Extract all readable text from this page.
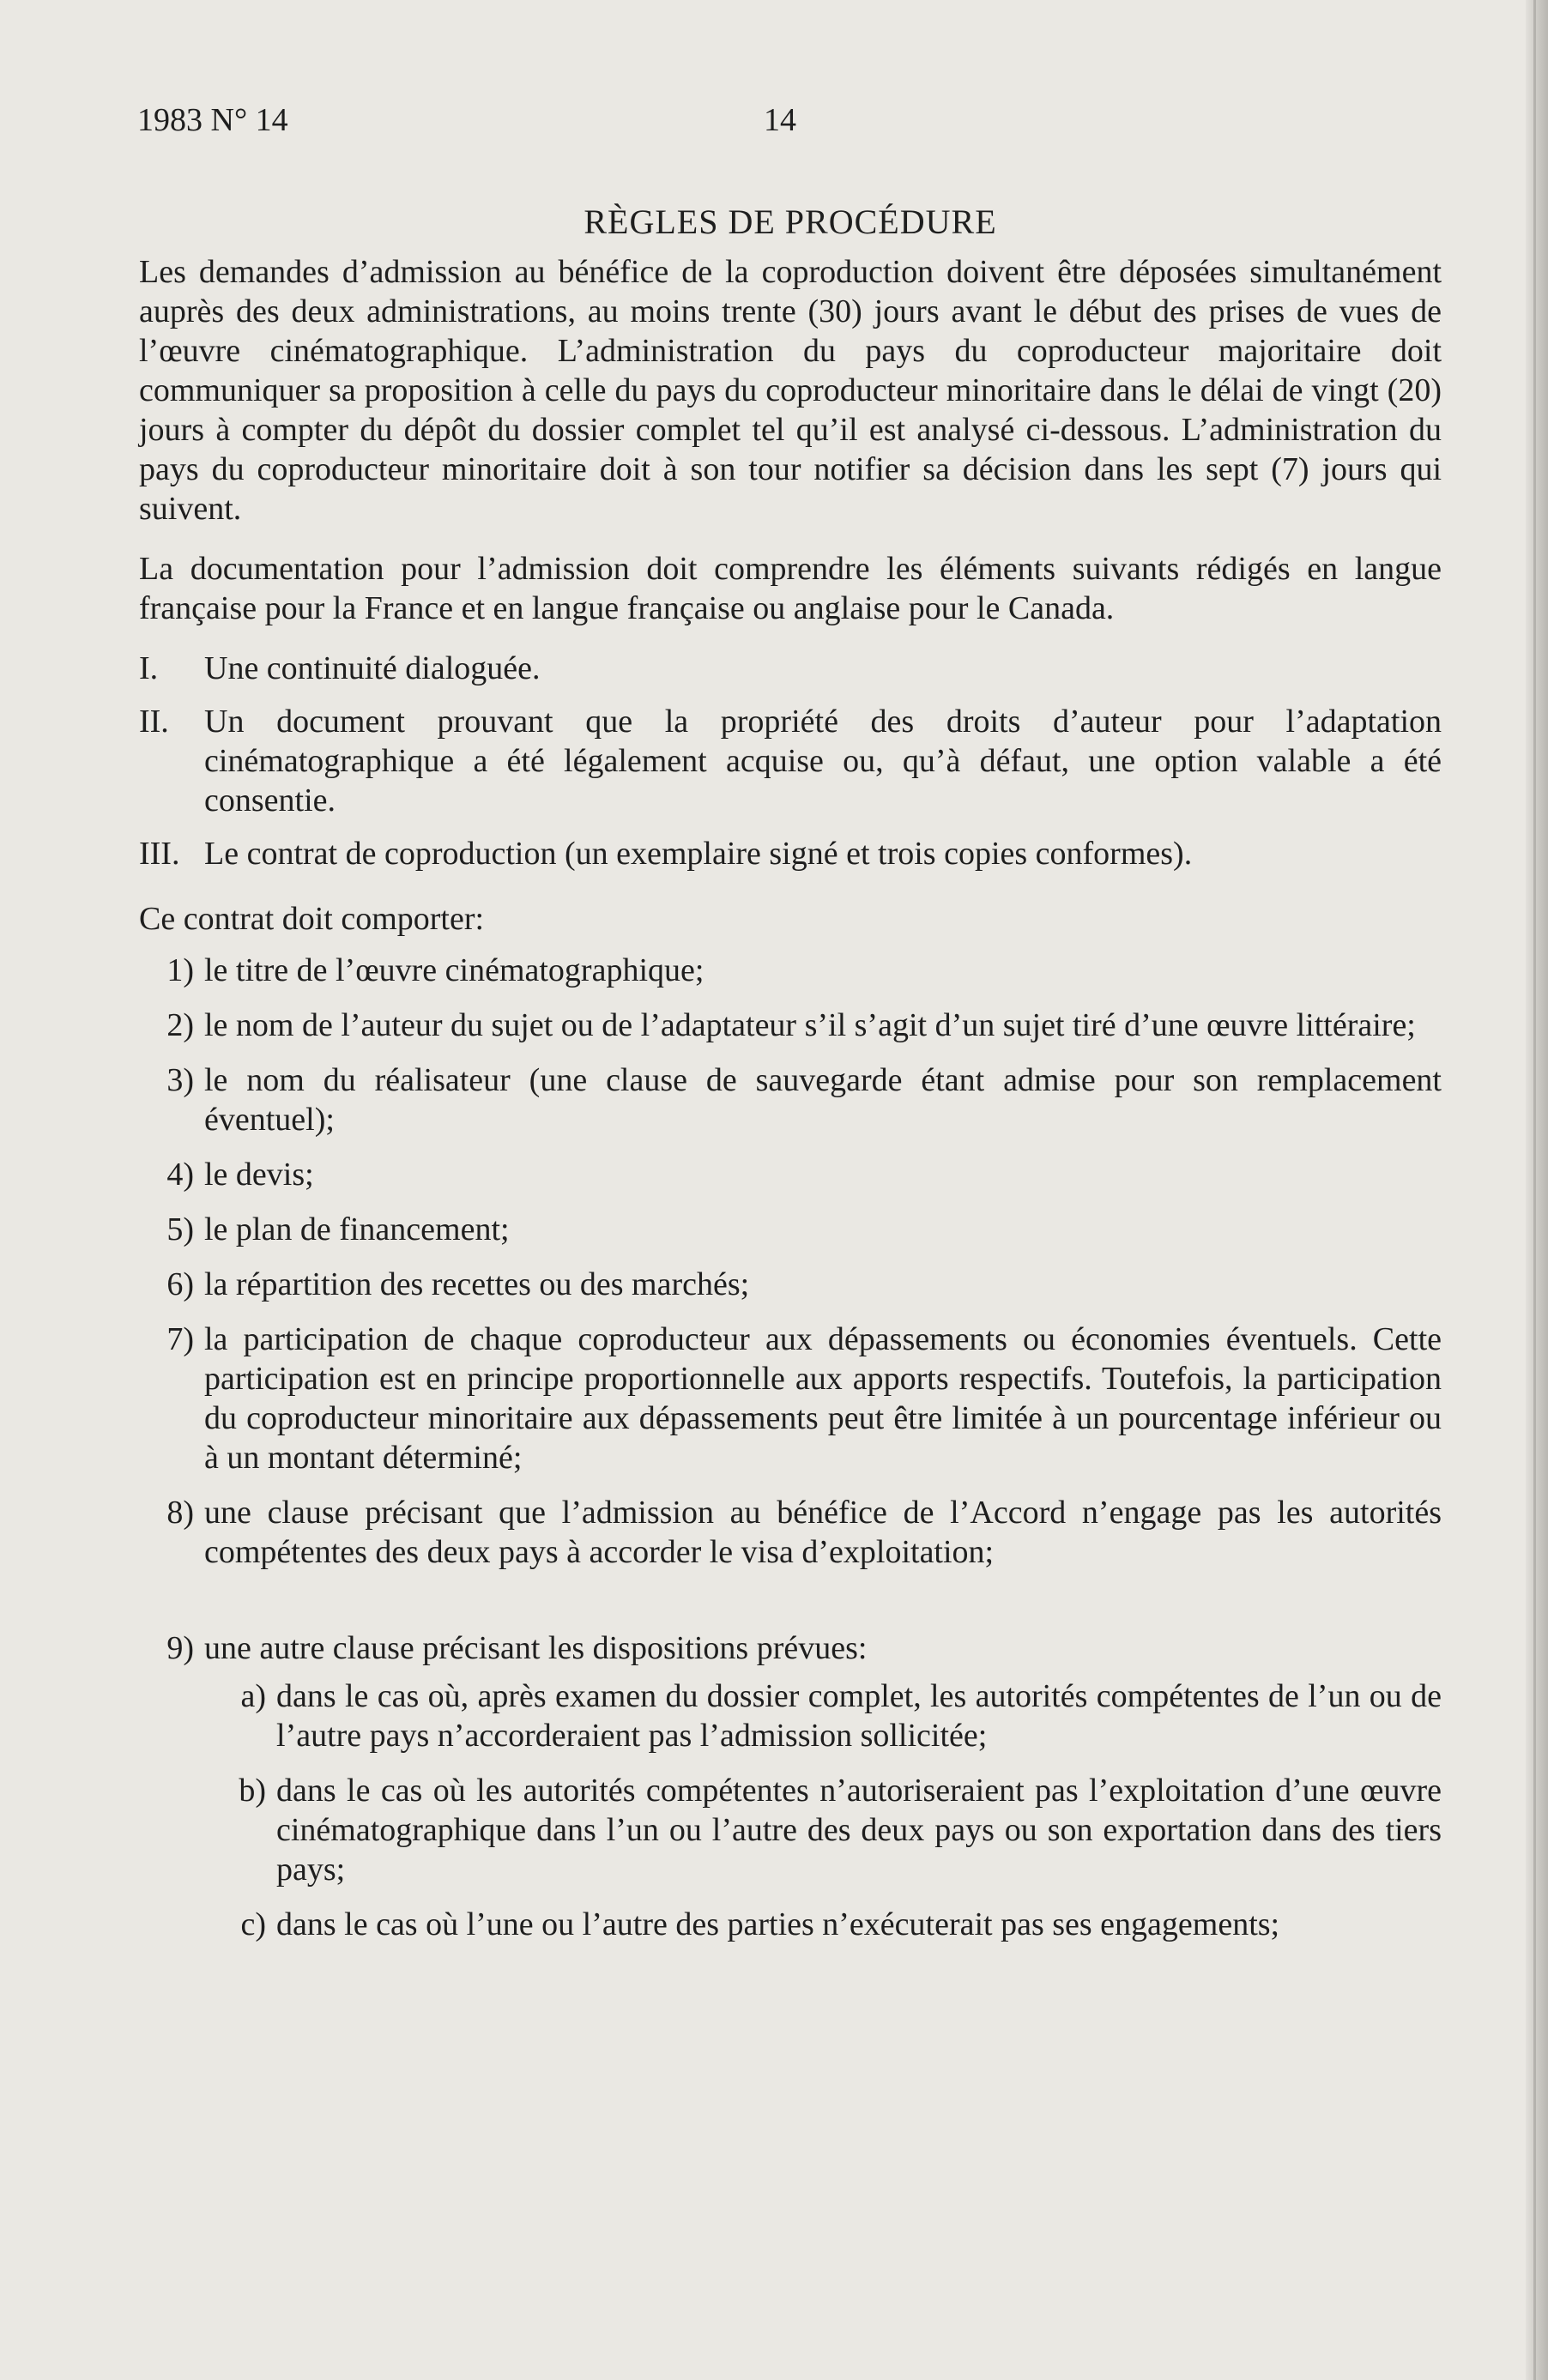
1983 N° 14	14
RÈGLES DE PROCÉDURE

Les demandes d’admission au bénéfice de la coproduction doivent être déposées simultanément auprès des deux administrations, au moins trente (30) jours avant le début des prises de vues de l’œuvre cinématographique. L’administration du pays du coproducteur majoritaire doit communiquer sa proposition à celle du pays du coproducteur minoritaire dans le délai de vingt (20) jours à compter du dépôt du dossier complet tel qu’il est analysé ci-dessous. L’administration du pays du coproducteur minoritaire doit à son tour notifier sa décision dans les sept (7) jours qui suivent.

La documentation pour l’admission doit comprendre les éléments suivants rédigés en langue française pour la France et en langue française ou anglaise pour le Canada.

I.	Une continuité dialoguée.
II.	Un document prouvant que la propriété des droits d’auteur pour l’adaptation cinématographique a été légalement acquise ou, qu’à défaut, une option valable a été consentie.
III. Le contrat de coproduction (un exemplaire signé et trois copies conformes).
Ce contrat doit comporter:
1) le titre de l’œuvre cinématographique;
2) le nom de l’auteur du sujet ou de l’adaptateur s’il s’agit d’un sujet tiré d’une œuvre littéraire;
3) le nom du réalisateur (une clause de sauvegarde étant admise pour son remplacement éventuel);
4) le devis;
5) le plan de financement;
6) la répartition des recettes ou des marchés;
7) la participation de chaque coproducteur aux dépassements ou économies éventuels. Cette participation est en principe proportionnelle aux apports respectifs. Toutefois, la participation du coproducteur minoritaire aux dépassements peut être limitée à un pourcentage inférieur ou à un montant déterminé;
8) une clause précisant que l’admission au bénéfice de l’Accord n’engage pas les autorités compétentes des deux pays à accorder le visa d’exploitation;
9) une autre clause précisant les dispositions prévues:
a) dans le cas où, après examen du dossier complet, les autorités compétentes de l’un ou de l’autre pays n’accorderaient pas l’admission sollicitée;
b) dans le cas où les autorités compétentes n’autoriseraient pas l’exploitation d’une œuvre cinématographique dans l’un ou l’autre des deux pays ou son exportation dans des tiers pays;
c) dans le cas où l’une ou l’autre des parties n’exécuterait pas ses engagements;
